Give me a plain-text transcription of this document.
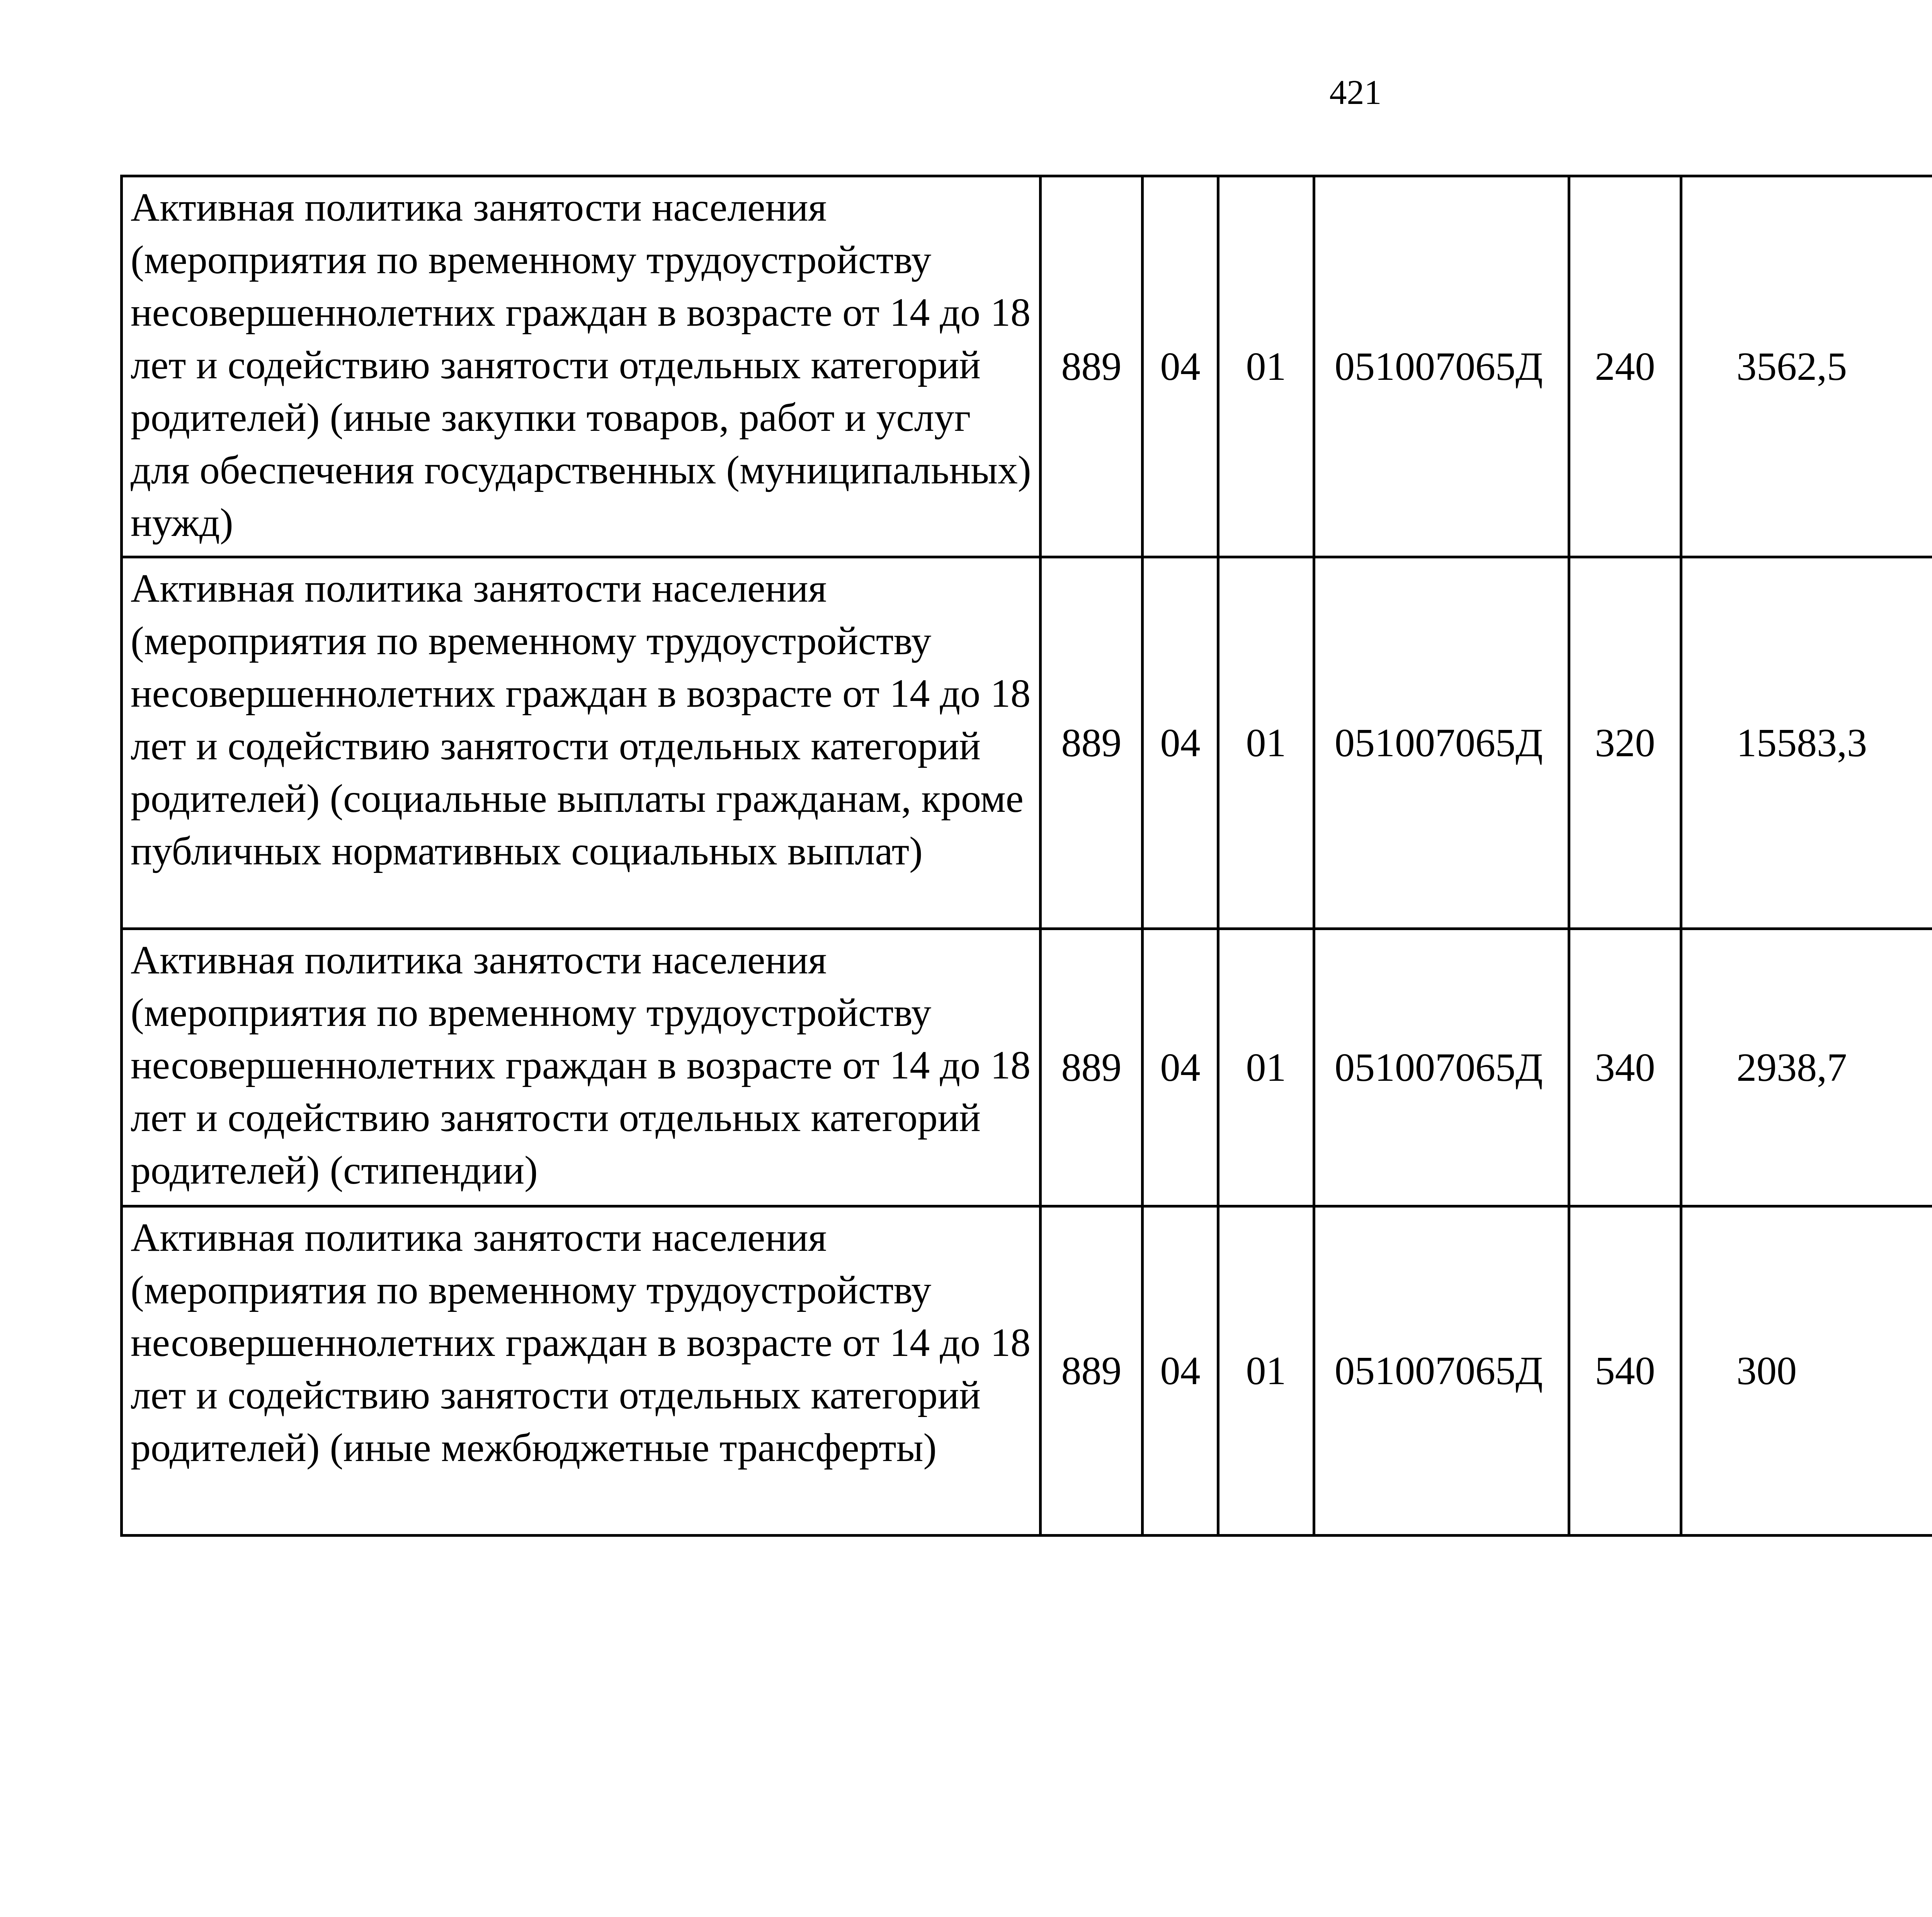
421
Активная политика занятости населения (мероприятия по временному трудоустройству несовершеннолетних граждан в возрасте от 14 до 18 лет и содействию занятости отдельных категорий родителей) (иные закупки товаров, работ и услуг для обеспечения государственных (муниципальных) нужд)	889	04	01	051007065Д	240	3562,5		
Активная политика занятости населения (мероприятия по временному трудоустройству несовершеннолетних граждан в возрасте от 14 до 18 лет и содействию занятости отдельных категорий родителей) (социальные выплаты гражданам, кроме публичных нормативных социальных выплат)	889	04	01	051007065Д	320	15583,3		
Активная политика занятости населения (мероприятия по временному трудоустройству несовершеннолетних граждан в возрасте от 14 до 18 лет и содействию занятости отдельных категорий родителей) (стипендии)	889	04	01	051007065Д	340	2938,7		
Активная политика занятости населения (мероприятия по временному трудоустройству несовершеннолетних граждан в возрасте от 14 до 18 лет и содействию занятости отдельных категорий родителей) (иные межбюджетные трансферты)	889	04	01	051007065Д	540	300		
